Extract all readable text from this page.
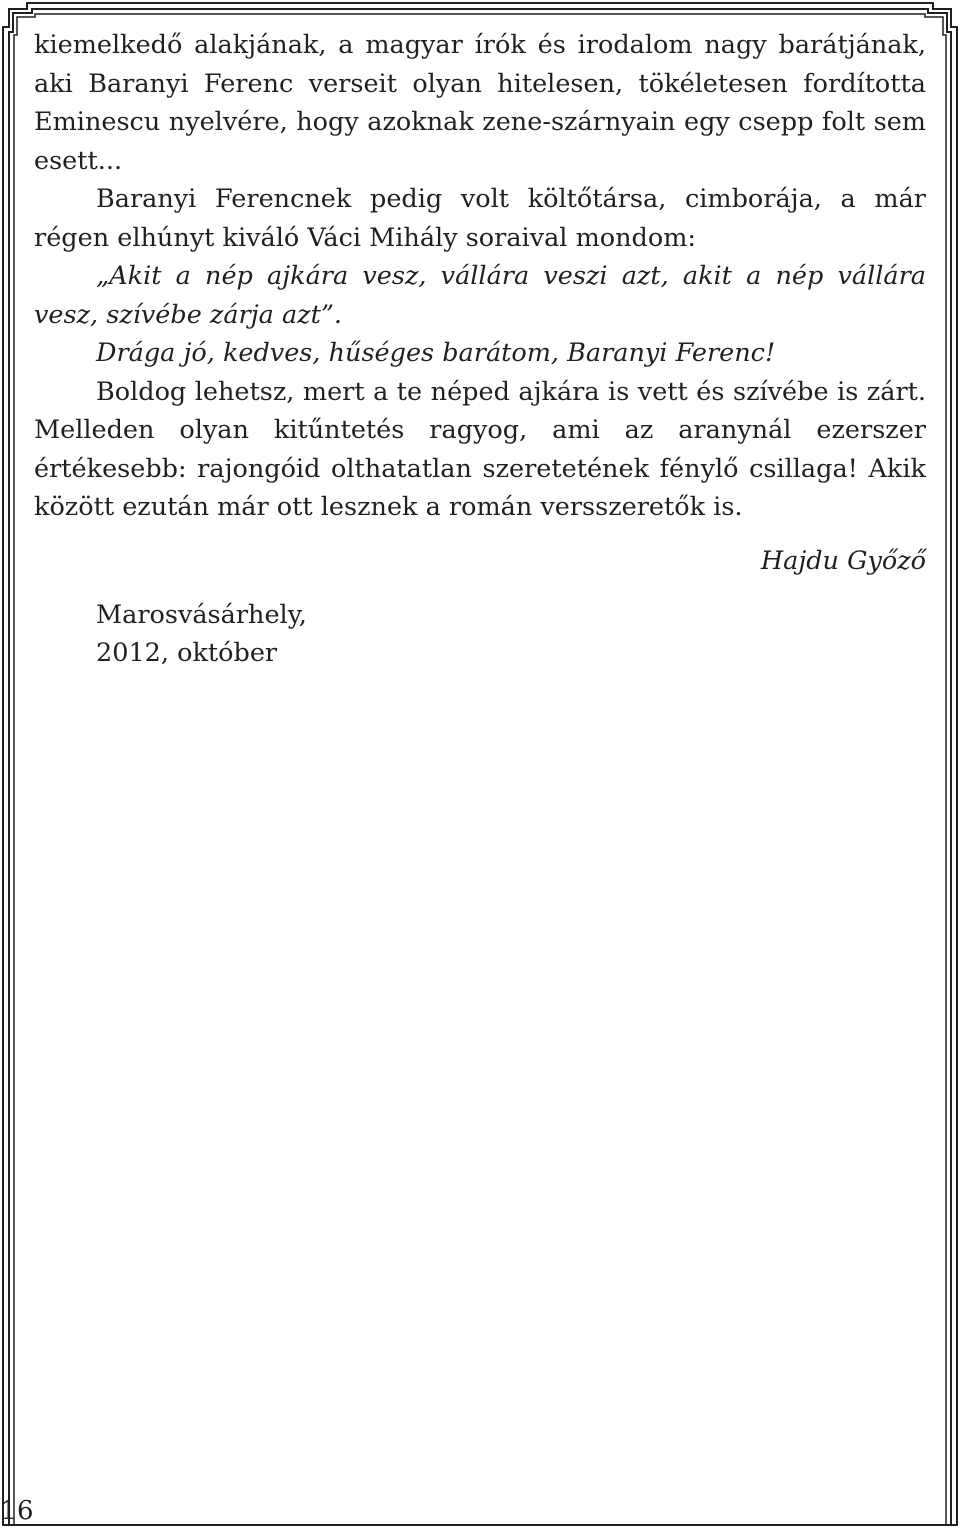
kiemelkedő alakjának, a magyar írók és irodalom nagy barátjának, aki Baranyi Ferenc verseit olyan hitelesen, tökéletesen fordította Eminescu nyelvére, hogy azoknak zene-szárnyain egy csepp folt sem esett...

Baranyi Ferencnek pedig volt költőtársa, cimborája, a már régen elhúnyt kiváló Váci Mihály soraival mondom:

„Akit a nép ajkára vesz, vállára veszi azt, akit a nép vállára vesz, szívébe zárja azt”.

Drága jó, kedves, hűséges barátom, Baranyi Ferenc!

Boldog lehetsz, mert a te néped ajkára is vett és szívébe is zárt. Melleden olyan kitűntetés ragyog, ami az aranynál ezerszer értékesebb: rajongóid olthatatlan szeretetének fénylő csillaga! Akik között ezután már ott lesznek a román versszeretők is.

Hajdu Győző

Marosvásárhely,
2012, október
16
